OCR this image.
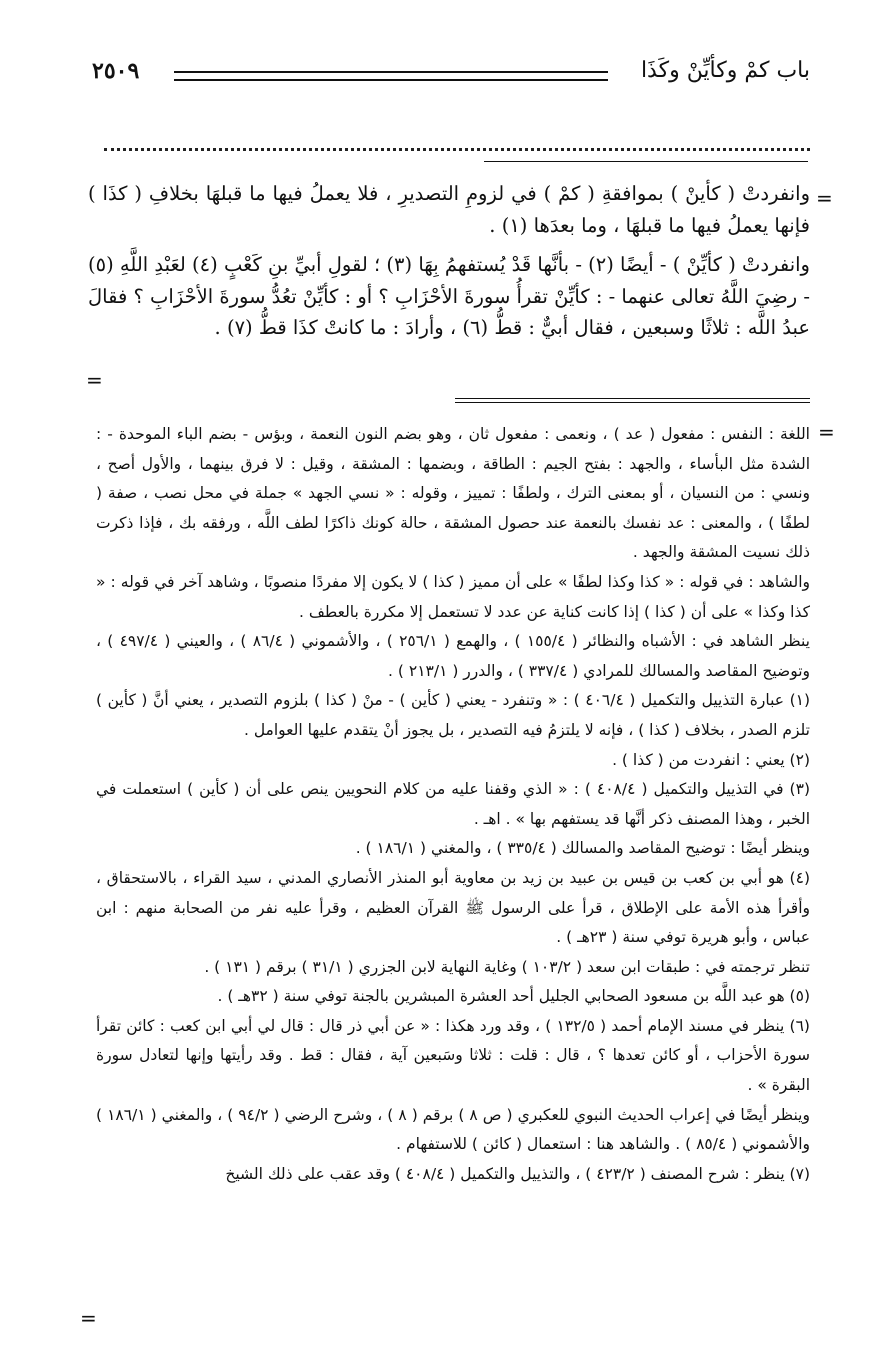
باب كمْ وكأيِّنْ وكَذَا
٢٥٠٩
=

وانفردتْ ( كأينْ ) بموافقةِ ( كمْ ) في لزومِ التصديرِ ، فلا يعملُ فيها ما قبلهَا بخلافِ ( كذَا ) فإنها يعملُ فيها ما قبلهَا ، وما بعدَها (١) .

وانفردتْ ( كأيِّنْ ) - أيضًا (٢) - بأنَّها قَدْ يُستفهمُ بِهَا (٣) ؛ لقولِ أبيِّ بنِ كَعْبٍ (٤) لعَبْدِ اللَّهِ (٥) - رضِيَ اللَّهُ تعالى عنهما - : كأيِّنْ تقرأُ سورةَ الأحْزَابِ ؟ أو : كأيِّنْ تعُدُّ سورةَ الأحْزَابِ ؟ فقالَ عبدُ اللَّه : ثلاثًا وسبعين ، فقال أبيٌّ : قطُّ (٦) ، وأرادَ : ما كانتْ كذَا قطُّ (٧) .

=
=

اللغة : النفس : مفعول ( عد ) ، ونعمى : مفعول ثان ، وهو بضم النون النعمة ، وبؤس - بضم الباء الموحدة - : الشدة مثل البأساء ، والجهد : بفتح الجيم : الطاقة ، وبضمها : المشقة ، وقيل : لا فرق بينهما ، والأول أصح ، ونسي : من النسيان ، أو بمعنى الترك ، ولطفًا : تمييز ، وقوله : « نسي الجهد » جملة في محل نصب ، صفة ( لطفًا ) ، والمعنى : عد نفسك بالنعمة عند حصول المشقة ، حالة كونك ذاكرًا لطف اللَّه ، ورفقه بك ، فإذا ذكرت ذلك نسيت المشقة والجهد .

والشاهد : في قوله : « كذا وكذا لطفًا » على أن مميز ( كذا ) لا يكون إلا مفردًا منصوبًا ، وشاهد آخر في قوله : « كذا وكذا » على أن ( كذا ) إذا كانت كناية عن عدد لا تستعمل إلا مكررة بالعطف .

ينظر الشاهد في : الأشباه والنظائر ( ١٥٥/٤ ) ، والهمع ( ٢٥٦/١ ) ، والأشموني ( ٨٦/٤ ) ، والعيني ( ٤٩٧/٤ ) ، وتوضيح المقاصد والمسالك للمرادي ( ٣٣٧/٤ ) ، والدرر ( ٢١٣/١ ) .

(١) عبارة التذييل والتكميل ( ٤٠٦/٤ ) : « وتنفرد - يعني ( كأين ) - منْ ( كذا ) بلزوم التصدير ، يعني أنَّ ( كأين ) تلزم الصدر ، بخلاف ( كذا ) ، فإنه لا يلتزمُ فيه التصدير ، بل يجوز أنْ يتقدم عليها العوامل .

(٢) يعني : انفردت من ( كذا ) .

(٣) في التذييل والتكميل ( ٤٠٨/٤ ) : « الذي وقفنا عليه من كلام النحويين ينص على أن ( كأين ) استعملت في الخبر ، وهذا المصنف ذكر أنَّها قد يستفهم بها » . اهـ .

وينظر أيضًا : توضيح المقاصد والمسالك ( ٣٣٥/٤ ) ، والمغني ( ١٨٦/١ ) .

(٤) هو أبي بن كعب بن قيس بن عبيد بن زيد بن معاوية أبو المنذر الأنصاري المدني ، سيد القراء ، بالاستحقاق ، وأقرأ هذه الأمة على الإطلاق ، قرأ على الرسول ﷺ القرآن العظيم ، وقرأ عليه نفر من الصحابة منهم : ابن عباس ، وأبو هريرة توفي سنة ( ٢٣هـ ) .

تنظر ترجمته في : طبقات ابن سعد ( ١٠٣/٢ ) وغاية النهاية لابن الجزري ( ٣١/١ ) برقم ( ١٣١ ) .

(٥) هو عبد اللَّه بن مسعود الصحابي الجليل أحد العشرة المبشرين بالجنة توفي سنة ( ٣٢هـ ) .

(٦) ينظر في مسند الإمام أحمد ( ١٣٢/٥ ) ، وقد ورد هكذا : « عن أبي ذر قال : قال لي أبي ابن كعب : كائن تقرأ سورة الأحزاب ، أو كائن تعدها ؟ ، قال : قلت : ثلاثا وسَبعين آية ، فقال : قط . وقد رأيتها وإنها لتعادل سورة البقرة » .

وينظر أيضًا في إعراب الحديث النبوي للعكبري ( ص ٨ ) برقم ( ٨ ) ، وشرح الرضي ( ٩٤/٢ ) ، والمغني ( ١٨٦/١ ) والأشموني ( ٨٥/٤ ) . والشاهد هنا : استعمال ( كائن ) للاستفهام .

(٧) ينظر : شرح المصنف ( ٤٢٣/٢ ) ، والتذييل والتكميل ( ٤٠٨/٤ ) وقد عقب على ذلك الشيخ

=
